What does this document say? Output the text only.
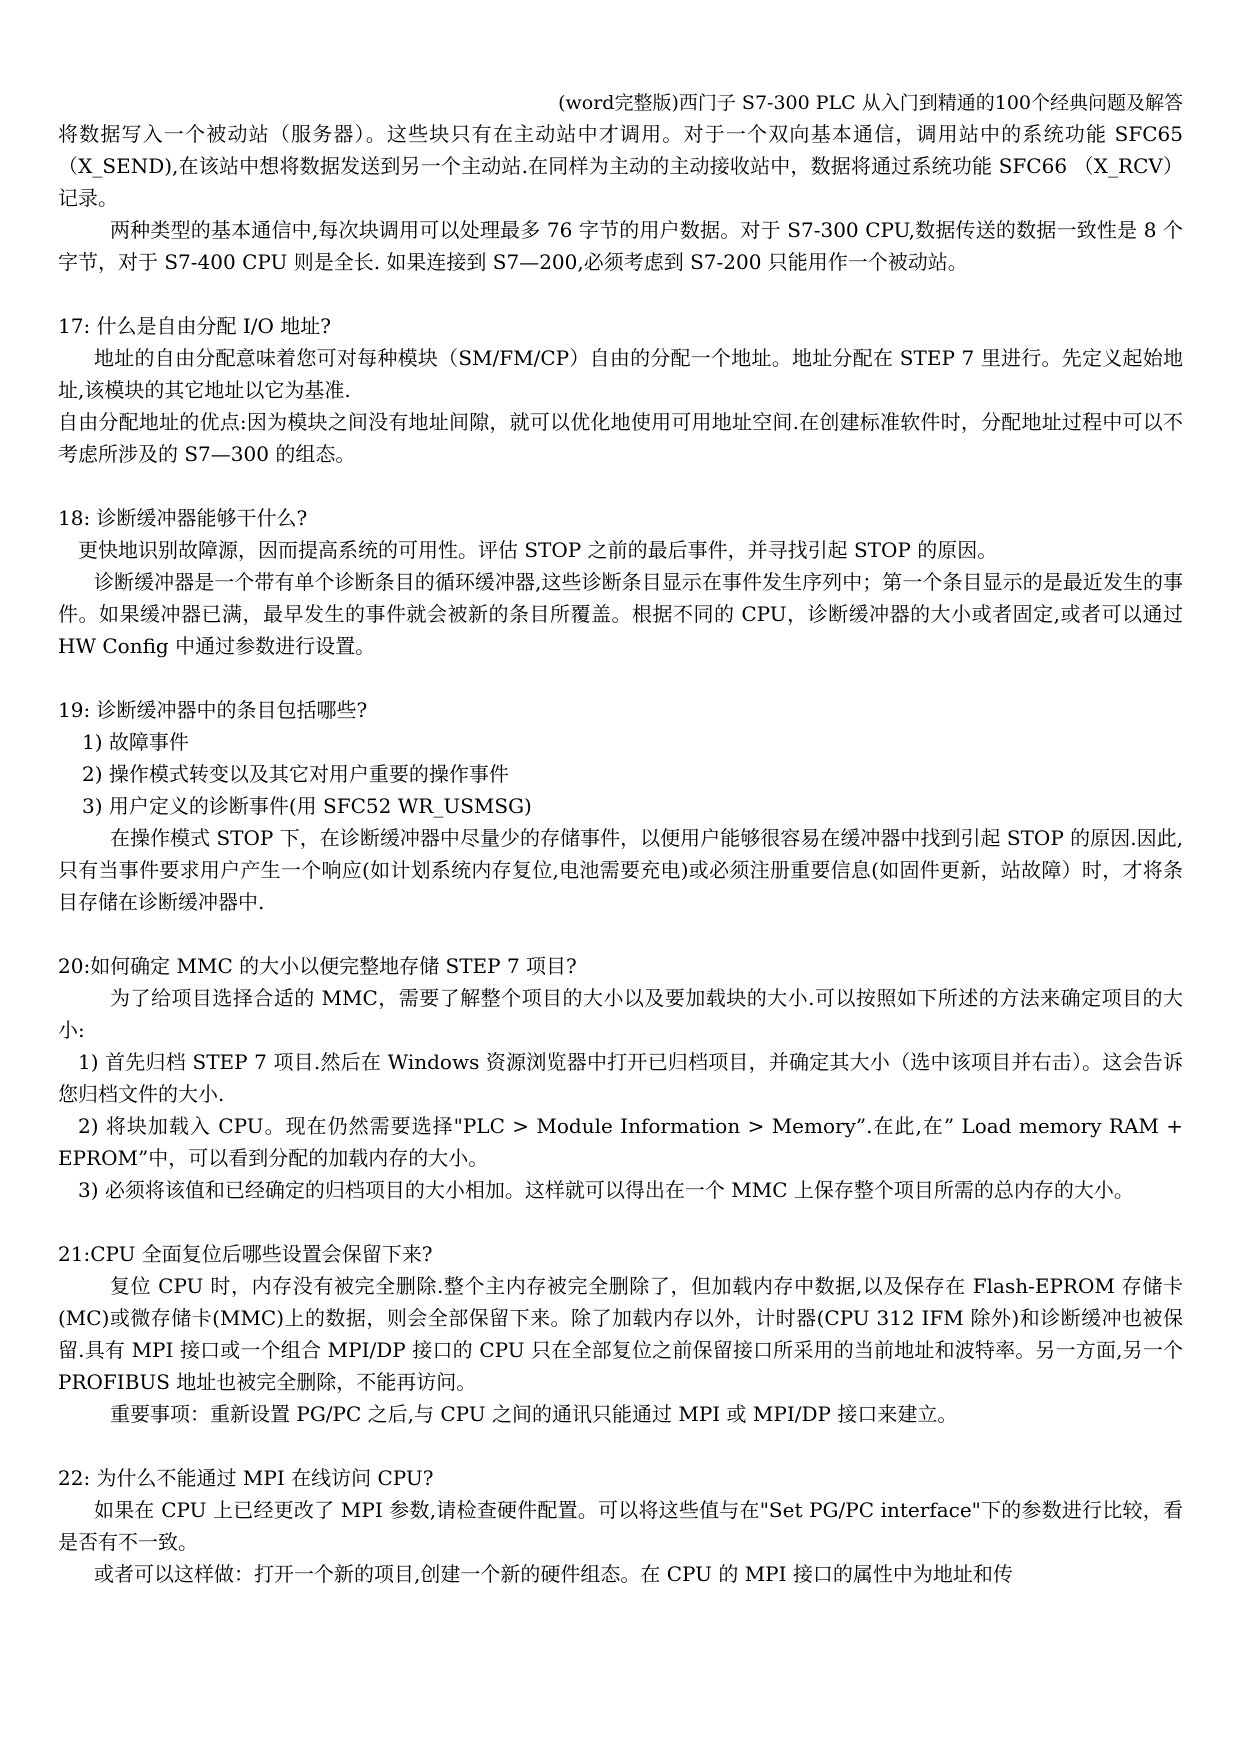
(word完整版)西门子 S7-300 PLC 从入门到精通的100个经典问题及解答

将数据写入一个被动站（服务器）。这些块只有在主动站中才调用。对于一个双向基本通信，调用站中的系统功能 SFC65 （X_SEND),在该站中想将数据发送到另一个主动站.在同样为主动的主动接收站中，数据将通过系统功能 SFC66 （X_RCV）记录。

两种类型的基本通信中,每次块调用可以处理最多 76 字节的用户数据。对于 S7-300 CPU,数据传送的数据一致性是 8 个字节，对于 S7-400 CPU 则是全长. 如果连接到 S7—200,必须考虑到 S7-200 只能用作一个被动站。

17: 什么是自由分配 I/O 地址?

地址的自由分配意味着您可对每种模块（SM/FM/CP）自由的分配一个地址。地址分配在 STEP 7 里进行。先定义起始地址,该模块的其它地址以它为基准.

自由分配地址的优点:因为模块之间没有地址间隙，就可以优化地使用可用地址空间.在创建标准软件时，分配地址过程中可以不考虑所涉及的 S7—300 的组态。

18: 诊断缓冲器能够干什么?

更快地识别故障源，因而提高系统的可用性。评估 STOP 之前的最后事件，并寻找引起 STOP 的原因。

诊断缓冲器是一个带有单个诊断条目的循环缓冲器,这些诊断条目显示在事件发生序列中；第一个条目显示的是最近发生的事件。如果缓冲器已满，最早发生的事件就会被新的条目所覆盖。根据不同的 CPU，诊断缓冲器的大小或者固定,或者可以通过 HW Config 中通过参数进行设置。

19: 诊断缓冲器中的条目包括哪些?

1) 故障事件

2) 操作模式转变以及其它对用户重要的操作事件

3) 用户定义的诊断事件(用 SFC52 WR_USMSG)

在操作模式 STOP 下，在诊断缓冲器中尽量少的存储事件，以便用户能够很容易在缓冲器中找到引起 STOP 的原因.因此,只有当事件要求用户产生一个响应(如计划系统内存复位,电池需要充电)或必须注册重要信息(如固件更新，站故障）时，才将条目存储在诊断缓冲器中.

20:如何确定 MMC 的大小以便完整地存储 STEP 7 项目?

为了给项目选择合适的 MMC，需要了解整个项目的大小以及要加载块的大小.可以按照如下所述的方法来确定项目的大小:

1) 首先归档 STEP 7 项目.然后在 Windows 资源浏览器中打开已归档项目，并确定其大小（选中该项目并右击）。这会告诉您归档文件的大小.

2) 将块加载入 CPU。现在仍然需要选择"PLC > Module Information > Memory”.在此,在” Load memory RAM + EPROM”中，可以看到分配的加载内存的大小。

3) 必须将该值和已经确定的归档项目的大小相加。这样就可以得出在一个 MMC 上保存整个项目所需的总内存的大小。

21:CPU 全面复位后哪些设置会保留下来?

复位 CPU 时，内存没有被完全删除.整个主内存被完全删除了，但加载内存中数据,以及保存在 Flash-EPROM 存储卡(MC)或微存储卡(MMC)上的数据，则会全部保留下来。除了加载内存以外，计时器(CPU 312 IFM 除外)和诊断缓冲也被保留.具有 MPI 接口或一个组合 MPI/DP 接口的 CPU 只在全部复位之前保留接口所采用的当前地址和波特率。另一方面,另一个 PROFIBUS 地址也被完全删除，不能再访问。

重要事项：重新设置 PG/PC 之后,与 CPU 之间的通讯只能通过 MPI 或 MPI/DP 接口来建立。

22: 为什么不能通过 MPI 在线访问 CPU?

如果在 CPU 上已经更改了 MPI 参数,请检查硬件配置。可以将这些值与在"Set PG/PC interface"下的参数进行比较，看是否有不一致。

或者可以这样做：打开一个新的项目,创建一个新的硬件组态。在 CPU 的 MPI 接口的属性中为地址和传
